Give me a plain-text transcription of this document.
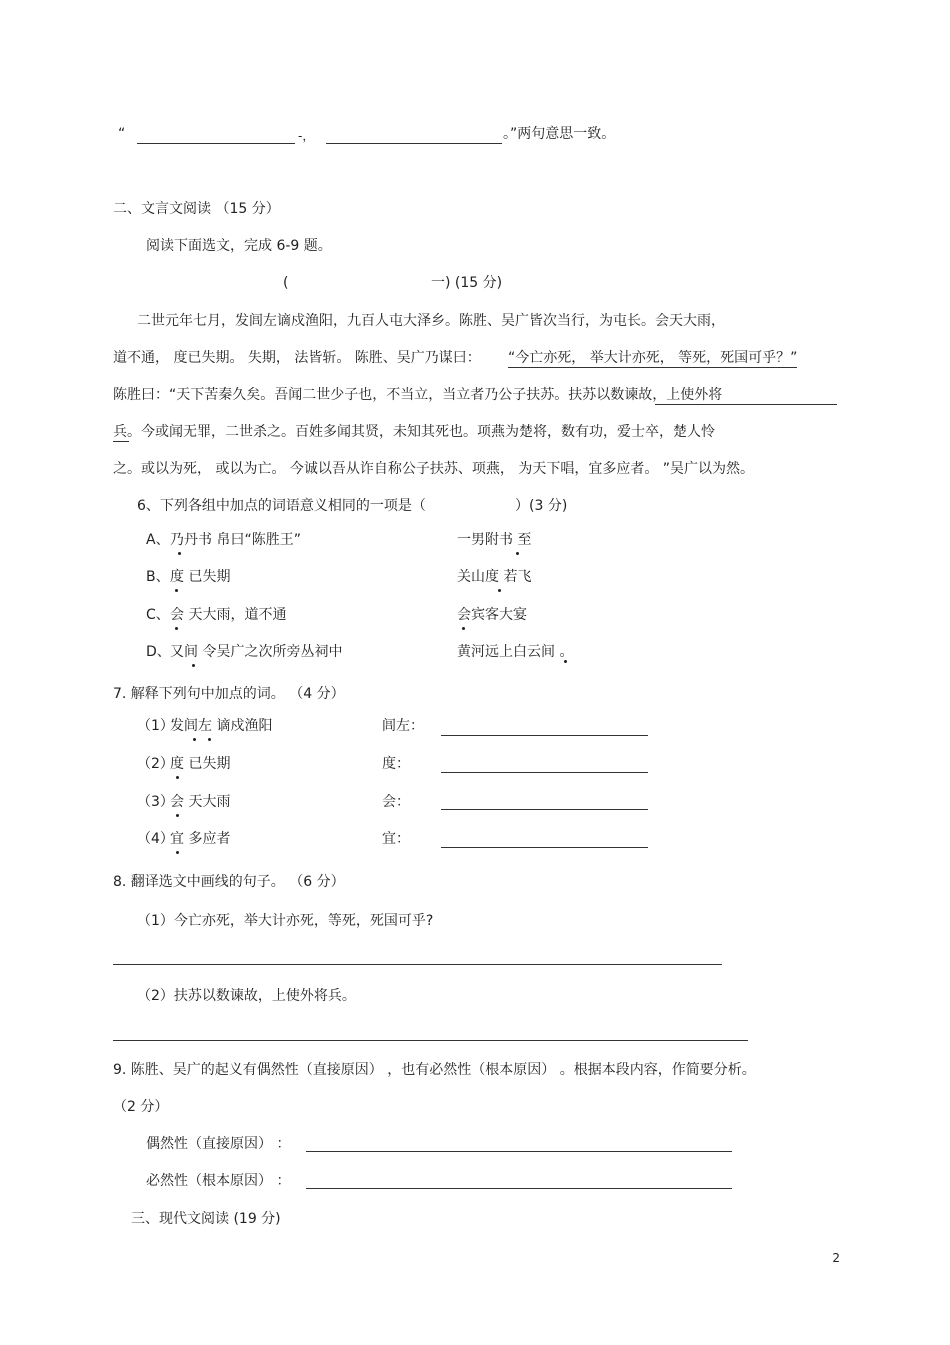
“	-，	。”两句意思一致。
二、文言文阅读 （15 分）
阅读下面选文，完成 6-9 题。
(	一) (15 分)
二世元年七月，发闾左谪戍渔阳，九百人屯大泽乡。陈胜、吴广皆次当行，为屯长。会天大雨，
道不通， 度已失期。 失期， 法皆斩。 陈胜、吴广乃谋曰： “今亡亦死， 举大计亦死， 等死，死国可乎？”
陈胜曰：“天下苦秦久矣。吾闻二世少子也，不当立，当立者乃公子扶苏。扶苏以数谏故，上使外将
兵。今或闻无罪，二世杀之。百姓多闻其贤，未知其死也。项燕为楚将，数有功，爱士卒，楚人怜
之。或以为死， 或以为亡。 今诚以吾从诈自称公子扶苏、项燕， 为天下唱，宜多应者。 ”吴广以为然。
6、下列各组中加点的词语意义相同的一项是（	）(3 分)
A、 乃丹书 帛曰“陈胜王”	一男附书 至
B、 度 已失期	关山度 若飞
C、 会 天大雨，道不通	会宾客大宴
D、 又间 令吴广之次所旁丛祠中	黄河远上白云间 。
7. 解释下列句中加点的词。 （4 分）
（1）
发闾左 谪戍渔阳	闾左：
（2）
度 已失期	度：
（3）
会 天大雨	会：
（4）
宜 多应者	宜：
8. 翻译选文中画线的句子。 （6 分）
（1）今亡亦死，举大计亦死，等死，死国可乎?
（2）扶苏以数谏故，上使外将兵。
9. 陈胜、吴广的起义有偶然性（直接原因） ，也有必然性（根本原因） 。根据本段内容，作简要分析。
（2 分）
偶然性（直接原因） ：
必然性（根本原因） ：
三、现代文阅读 (19 分)
2
